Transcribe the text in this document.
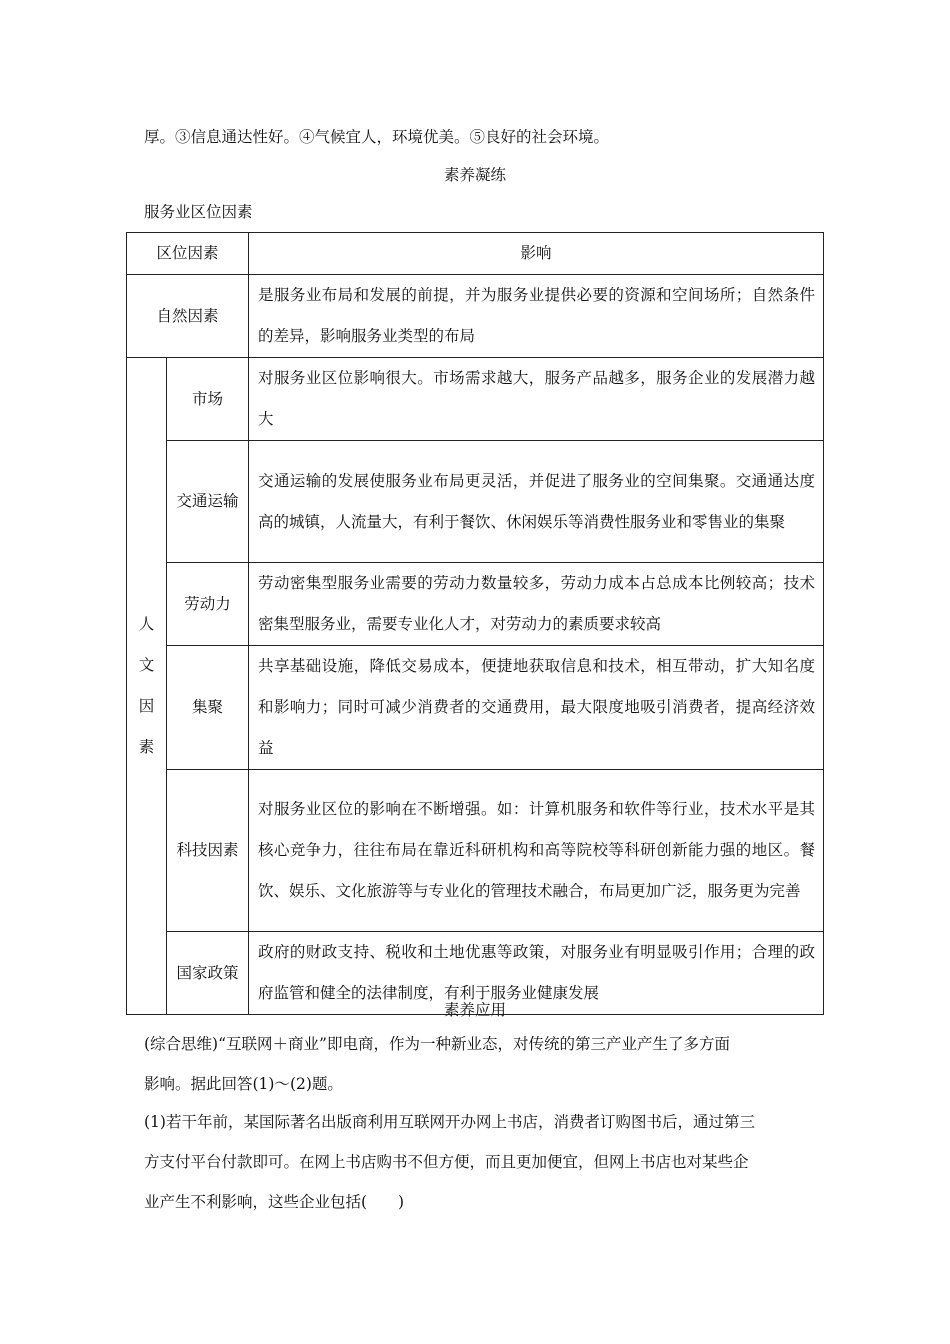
厚。③信息通达性好。④气候宜人，环境优美。⑤良好的社会环境。
素养凝练
服务业区位因素
区位因素		影响
自然因素		是服务业布局和发展的前提，并为服务业提供必要的资源和空间场所；自然条件的差异，影响服务业类型的布局

人文因素	市场	对服务业区位影响很大。市场需求越大，服务产品越多，服务企业的发展潜力越大
	交通运输	交通运输的发展使服务业布局更灵活，并促进了服务业的空间集聚。交通通达度高的城镇，人流量大，有利于餐饮、休闲娱乐等消费性服务业和零售业的集聚
	劳动力	劳动密集型服务业需要的劳动力数量较多，劳动力成本占总成本比例较高；技术密集型服务业，需要专业化人才，对劳动力的素质要求较高
	集聚	共享基础设施，降低交易成本，便捷地获取信息和技术，相互带动，扩大知名度和影响力；同时可减少消费者的交通费用，最大限度地吸引消费者，提高经济效益
	科技因素	对服务业区位的影响在不断增强。如：计算机服务和软件等行业，技术水平是其核心竞争力，往往布局在靠近科研机构和高等院校等科研创新能力强的地区。餐饮、娱乐、文化旅游等与专业化的管理技术融合，布局更加广泛，服务更为完善
	国家政策	政府的财政支持、税收和土地优惠等政策，对服务业有明显吸引作用；合理的政府监管和健全的法律制度，有利于服务业健康发展
素养应用
(综合思维)“互联网＋商业”即电商，作为一种新业态，对传统的第三产业产生了多方面
影响。据此回答(1)～(2)题。
(1)若干年前，某国际著名出版商利用互联网开办网上书店，消费者订购图书后，通过第三
方支付平台付款即可。在网上书店购书不但方便，而且更加便宜，但网上书店也对某些企
业产生不利影响，这些企业包括(　　)
